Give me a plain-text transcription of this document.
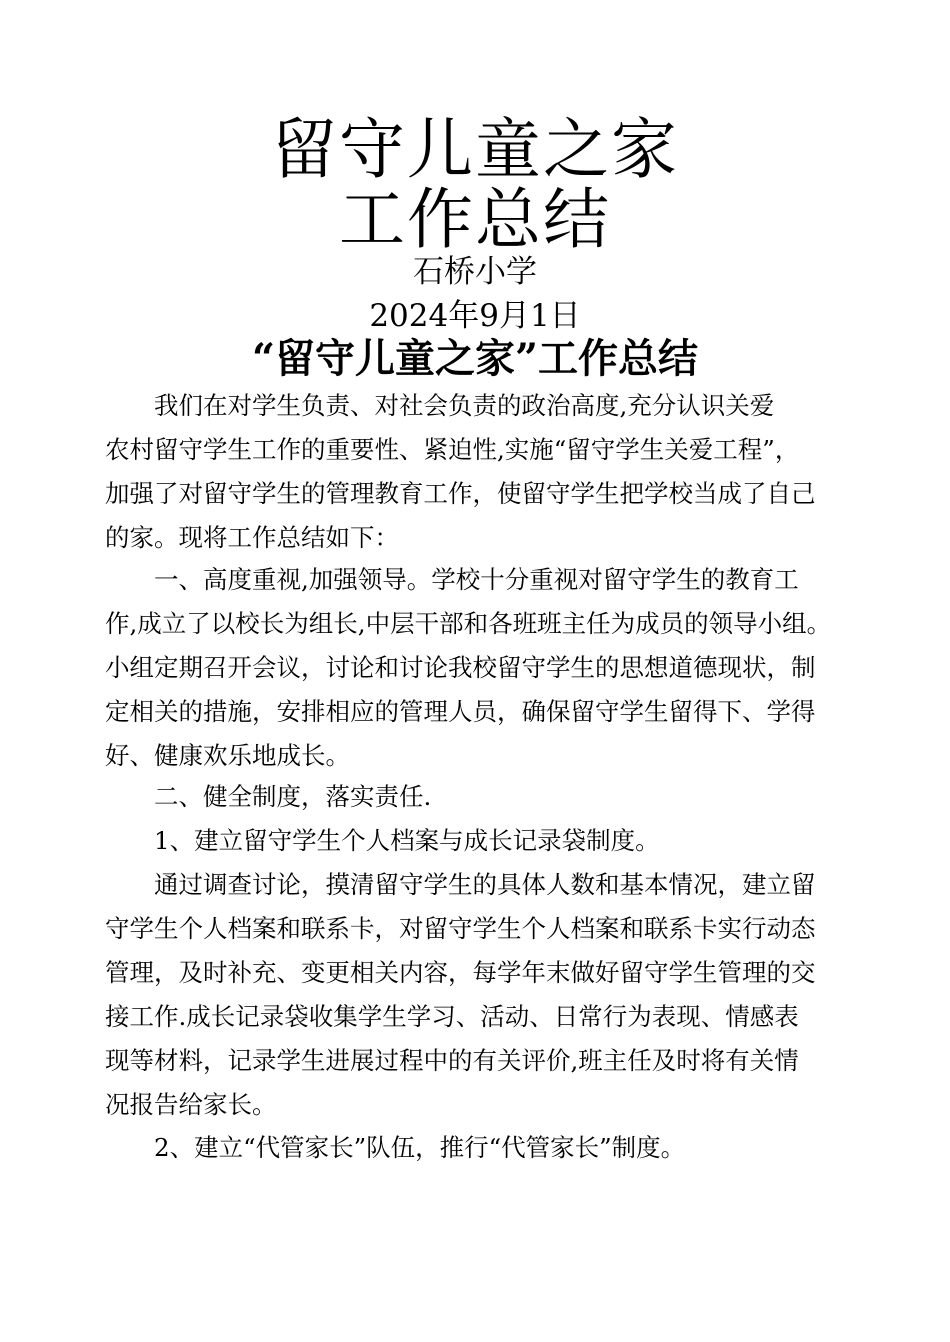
留守儿童之家
工作总结
石桥小学
2024年9月1日
“留守儿童之家”工作总结
　　我们在对学生负责、对社会负责的政治高度,充分认识关爱
农村留守学生工作的重要性、紧迫性,实施“留守学生关爱工程”，
加强了对留守学生的管理教育工作，使留守学生把学校当成了自己
的家。现将工作总结如下：
　　一、高度重视,加强领导。学校十分重视对留守学生的教育工
作,成立了以校长为组长,中层干部和各班班主任为成员的领导小组。
小组定期召开会议，讨论和讨论我校留守学生的思想道德现状，制
定相关的措施，安排相应的管理人员，确保留守学生留得下、学得
好、健康欢乐地成长。
　　二、健全制度，落实责任.
　　1、建立留守学生个人档案与成长记录袋制度。
　　通过调查讨论，摸清留守学生的具体人数和基本情况，建立留
守学生个人档案和联系卡，对留守学生个人档案和联系卡实行动态
管理，及时补充、变更相关内容，每学年末做好留守学生管理的交
接工作.成长记录袋收集学生学习、活动、日常行为表现、情感表
现等材料，记录学生进展过程中的有关评价,班主任及时将有关情
况报告给家长。
　　2、建立“代管家长”队伍，推行“代管家长”制度。
